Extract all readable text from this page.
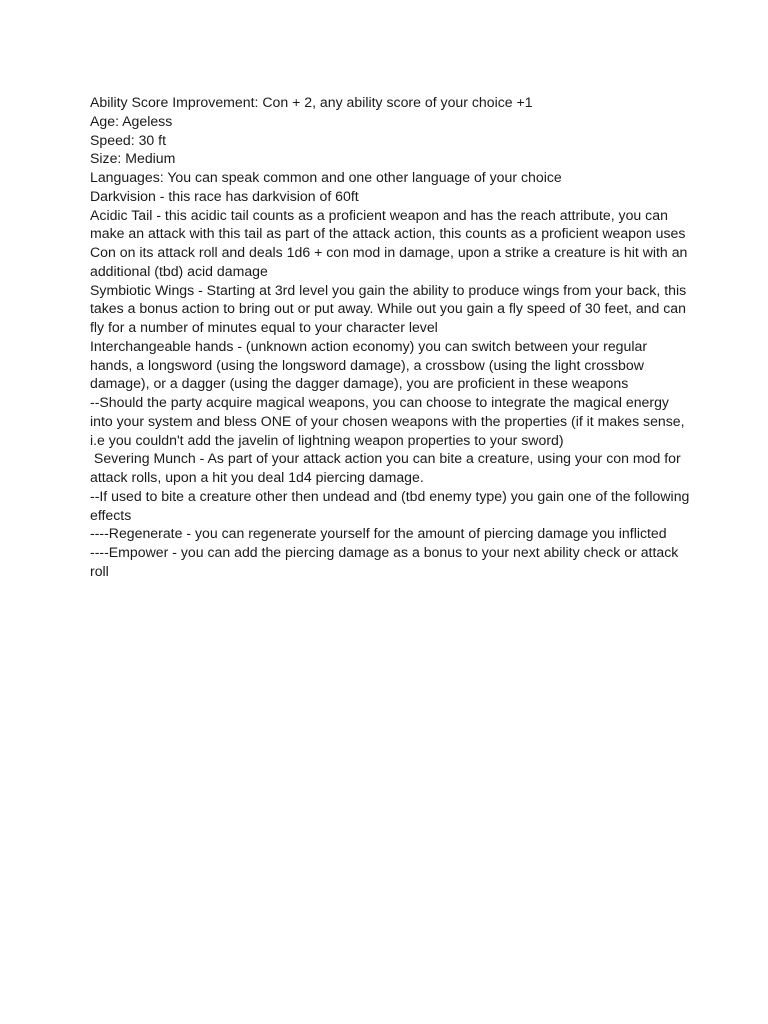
Ability Score Improvement: Con + 2, any ability score of your choice +1

Age: Ageless

Speed: 30 ft

Size: Medium

Languages: You can speak common and one other language of your choice

Darkvision - this race has darkvision of 60ft

Acidic Tail - this acidic tail counts as a proficient weapon and has the reach attribute, you can make an attack with this tail as part of the attack action, this counts as a proficient weapon uses Con on its attack roll and deals 1d6 + con mod in damage, upon a strike a creature is hit with an additional (tbd) acid damage

Symbiotic Wings - Starting at 3rd level you gain the ability to produce wings from your back, this takes a bonus action to bring out or put away. While out you gain a fly speed of 30 feet, and can fly for a number of minutes equal to your character level

Interchangeable hands - (unknown action economy) you can switch between your regular hands, a longsword (using the longsword damage), a crossbow (using the light crossbow damage), or a dagger (using the dagger damage), you are proficient in these weapons

--Should the party acquire magical weapons, you can choose to integrate the magical energy into your system and bless ONE of your chosen weapons with the properties (if it makes sense, i.e you couldn't add the javelin of lightning weapon properties to your sword)

Severing Munch - As part of your attack action you can bite a creature, using your con mod for attack rolls, upon a hit you deal 1d4 piercing damage.

--If used to bite a creature other then undead and (tbd enemy type) you gain one of the following effects

----Regenerate - you can regenerate yourself for the amount of piercing damage you inflicted

----Empower - you can add the piercing damage as a bonus to your next ability check or attack roll
